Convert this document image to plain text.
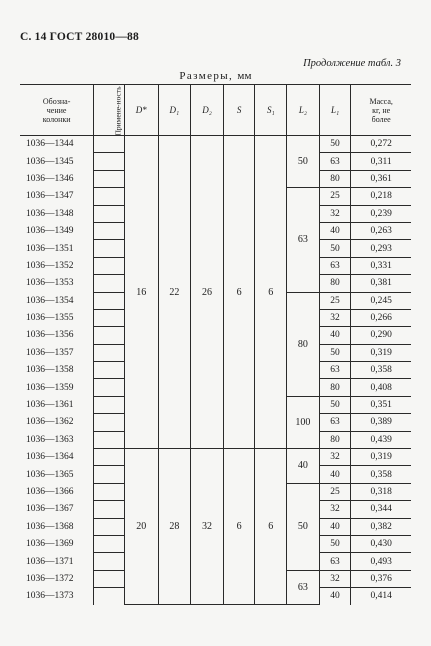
С. 14 ГОСТ 28010—88
Продолжение табл. 3
Размеры, мм
Обозна-
чение
колонки	Примене-ность	D*	D₁	D₂	S	S₁	L₂	L₁	Масса,
кг, не
более

1036—1344		16	22	26	6	6	50	50	0,272
1036—1345								63	0,311
1036—1346								80	0,361
1036—1347							63	25	0,218
1036—1348								32	0,239
1036—1349								40	0,263
1036—1351								50	0,293
1036—1352								63	0,331
1036—1353								80	0,381
1036—1354							80	25	0,245
1036—1355								32	0,266
1036—1356								40	0,290
1036—1357								50	0,319
1036—1358								63	0,358
1036—1359								80	0,408
1036—1361							100	50	0,351
1036—1362								63	0,389
1036—1363								80	0,439
1036—1364		20	28	32	6	6	40	32	0,319
1036—1365								40	0,358
1036—1366							50	25	0,318
1036—1367								32	0,344
1036—1368								40	0,382
1036—1369								50	0,430
1036—1371								63	0,493
1036—1372							63	32	0,376
1036—1373								40	0,414
